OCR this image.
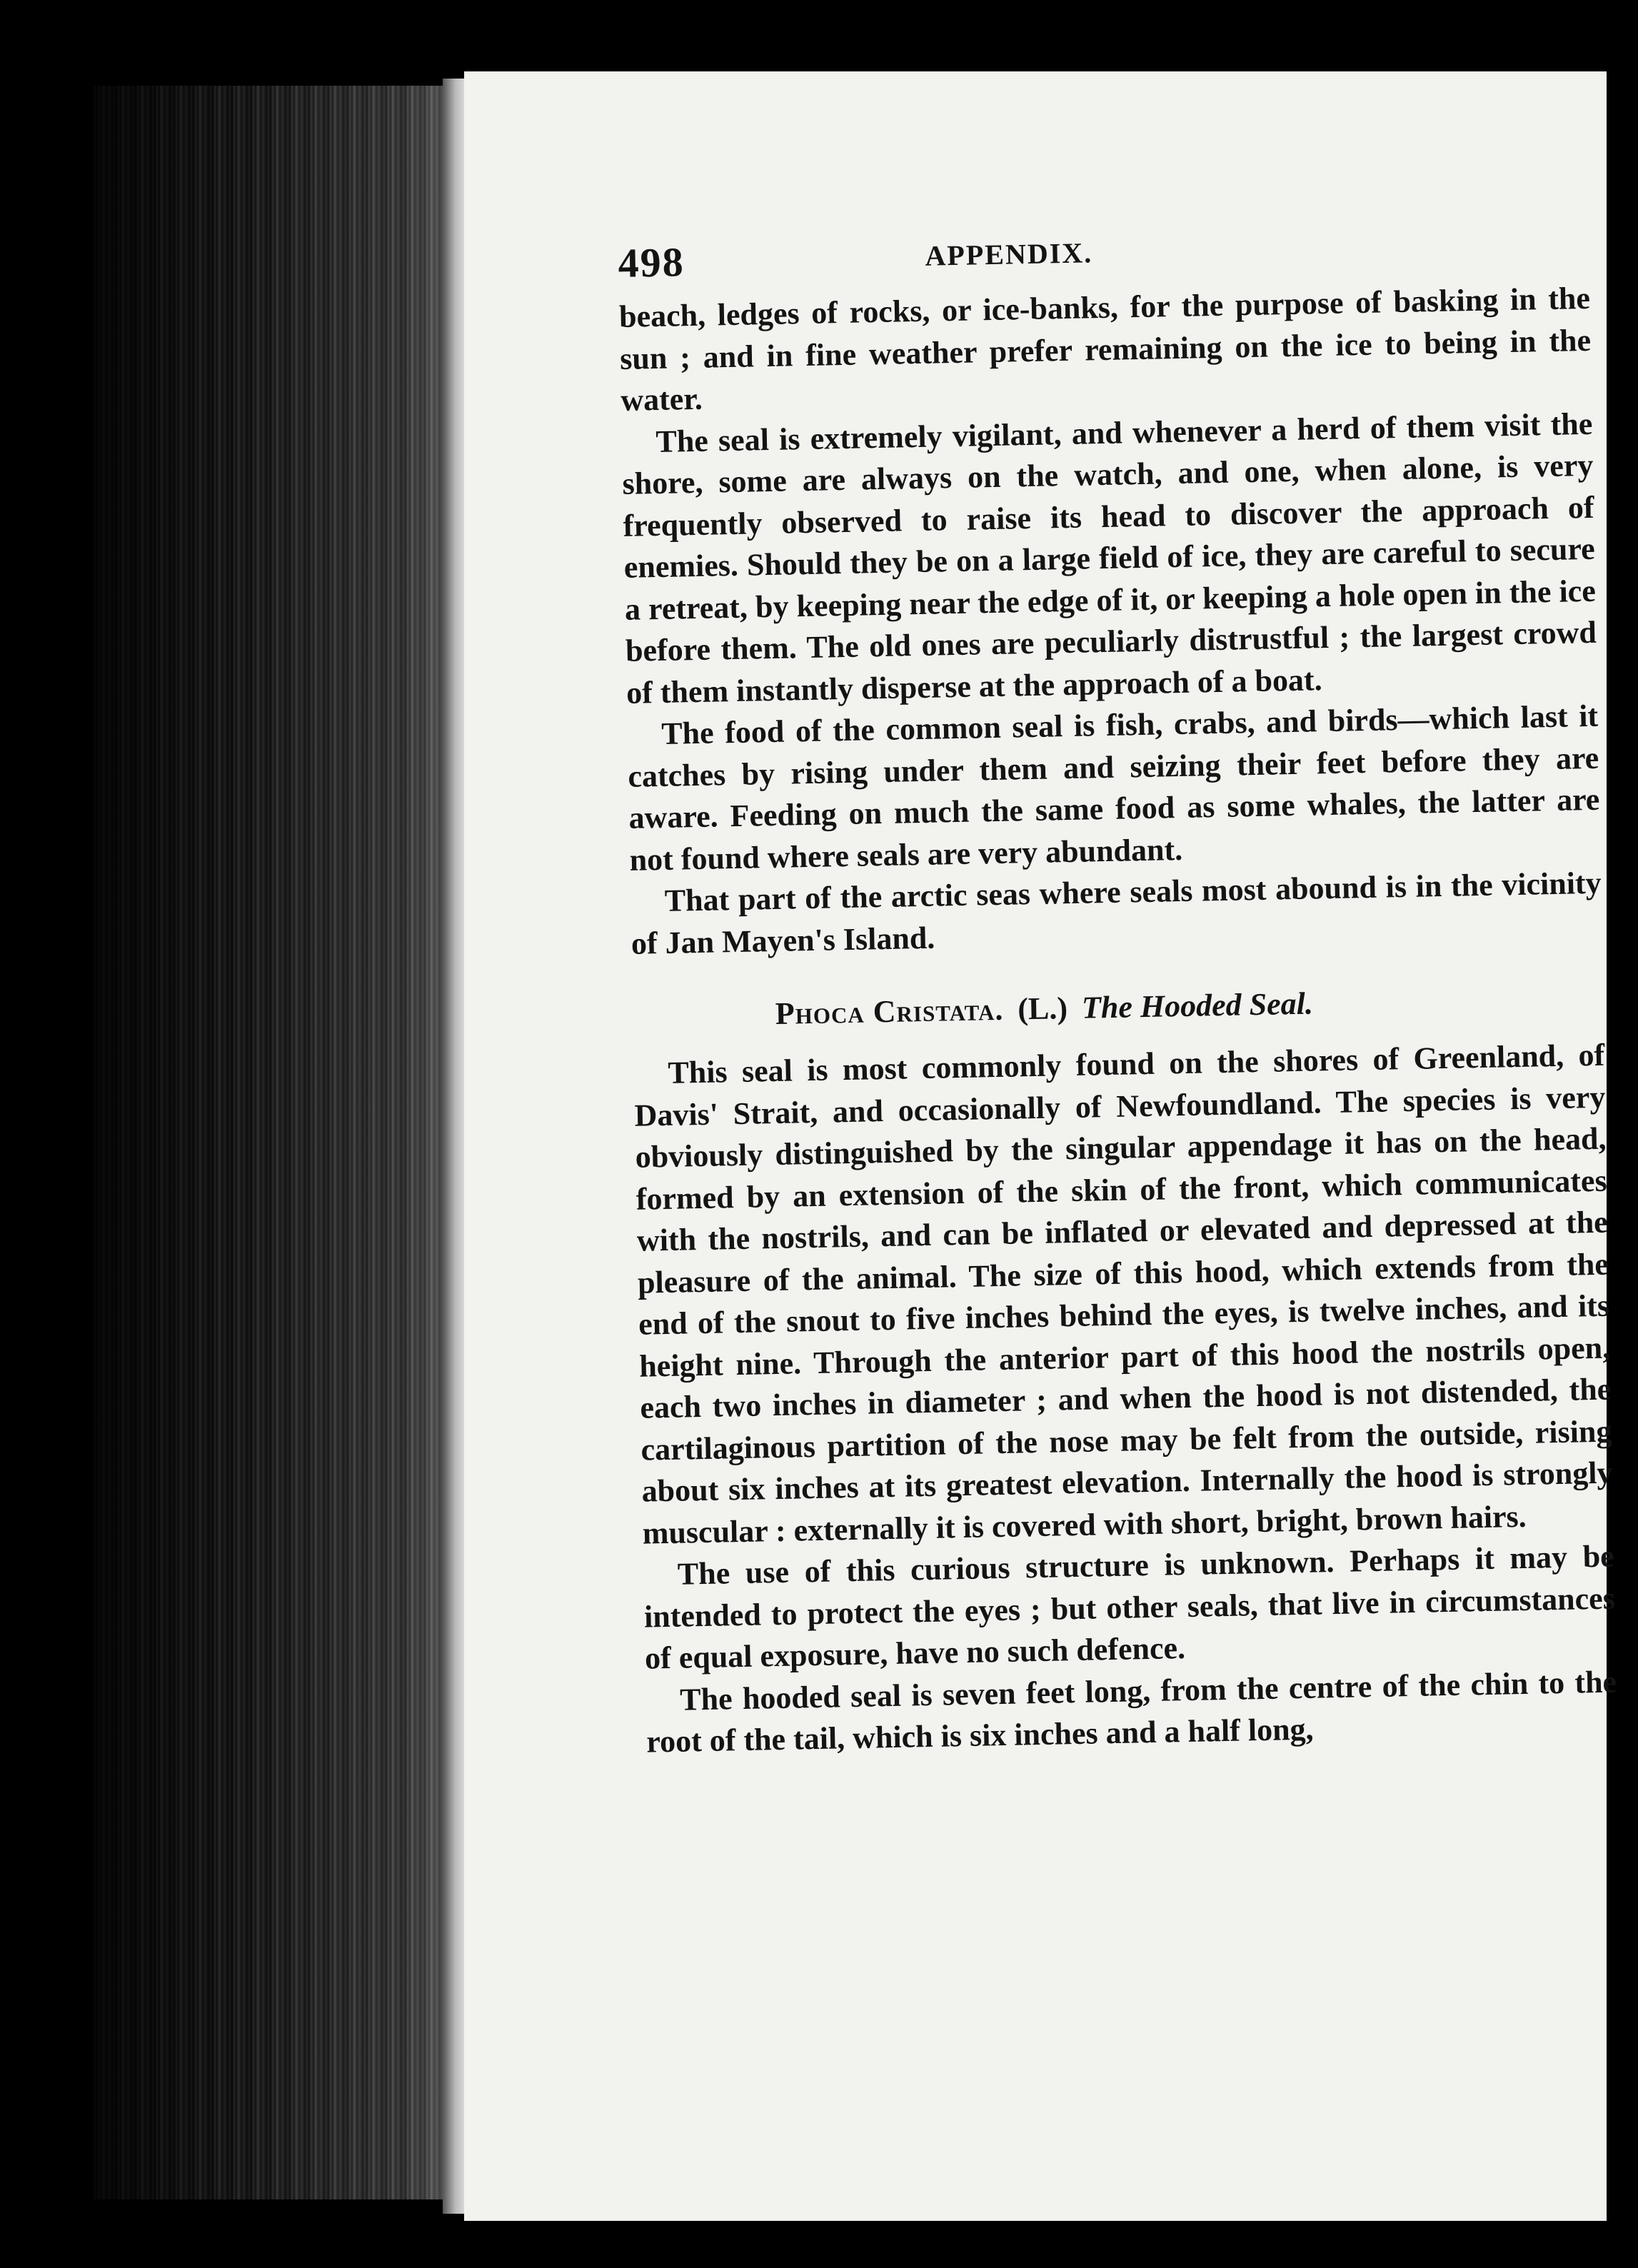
498	APPENDIX.

beach, ledges of rocks, or ice-banks, for the purpose of basking in the sun ; and in fine weather prefer remaining on the ice to being in the water.

The seal is extremely vigilant, and whenever a herd of them visit the shore, some are always on the watch, and one, when alone, is very frequently observed to raise its head to discover the approach of enemies. Should they be on a large field of ice, they are careful to secure a retreat, by keeping near the edge of it, or keeping a hole open in the ice before them. The old ones are peculiarly distrustful ; the largest crowd of them instantly disperse at the approach of a boat.

The food of the common seal is fish, crabs, and birds—which last it catches by rising under them and seizing their feet before they are aware. Feeding on much the same food as some whales, the latter are not found where seals are very abundant.

That part of the arctic seas where seals most abound is in the vicinity of Jan Mayen's Island.

Phoca Cristata. (L.) The Hooded Seal.

This seal is most commonly found on the shores of Greenland, of Davis' Strait, and occasionally of Newfoundland. The species is very obviously distinguished by the singular appendage it has on the head, formed by an extension of the skin of the front, which communicates with the nostrils, and can be inflated or elevated and depressed at the pleasure of the animal. The size of this hood, which extends from the end of the snout to five inches behind the eyes, is twelve inches, and its height nine. Through the anterior part of this hood the nostrils open, each two inches in diameter ; and when the hood is not distended, the cartilaginous partition of the nose may be felt from the outside, rising about six inches at its greatest elevation. Internally the hood is strongly muscular : externally it is covered with short, bright, brown hairs.

The use of this curious structure is unknown. Perhaps it may be intended to protect the eyes ; but other seals, that live in circumstances of equal exposure, have no such defence.

The hooded seal is seven feet long, from the centre of the chin to the root of the tail, which is six inches and a half long,
